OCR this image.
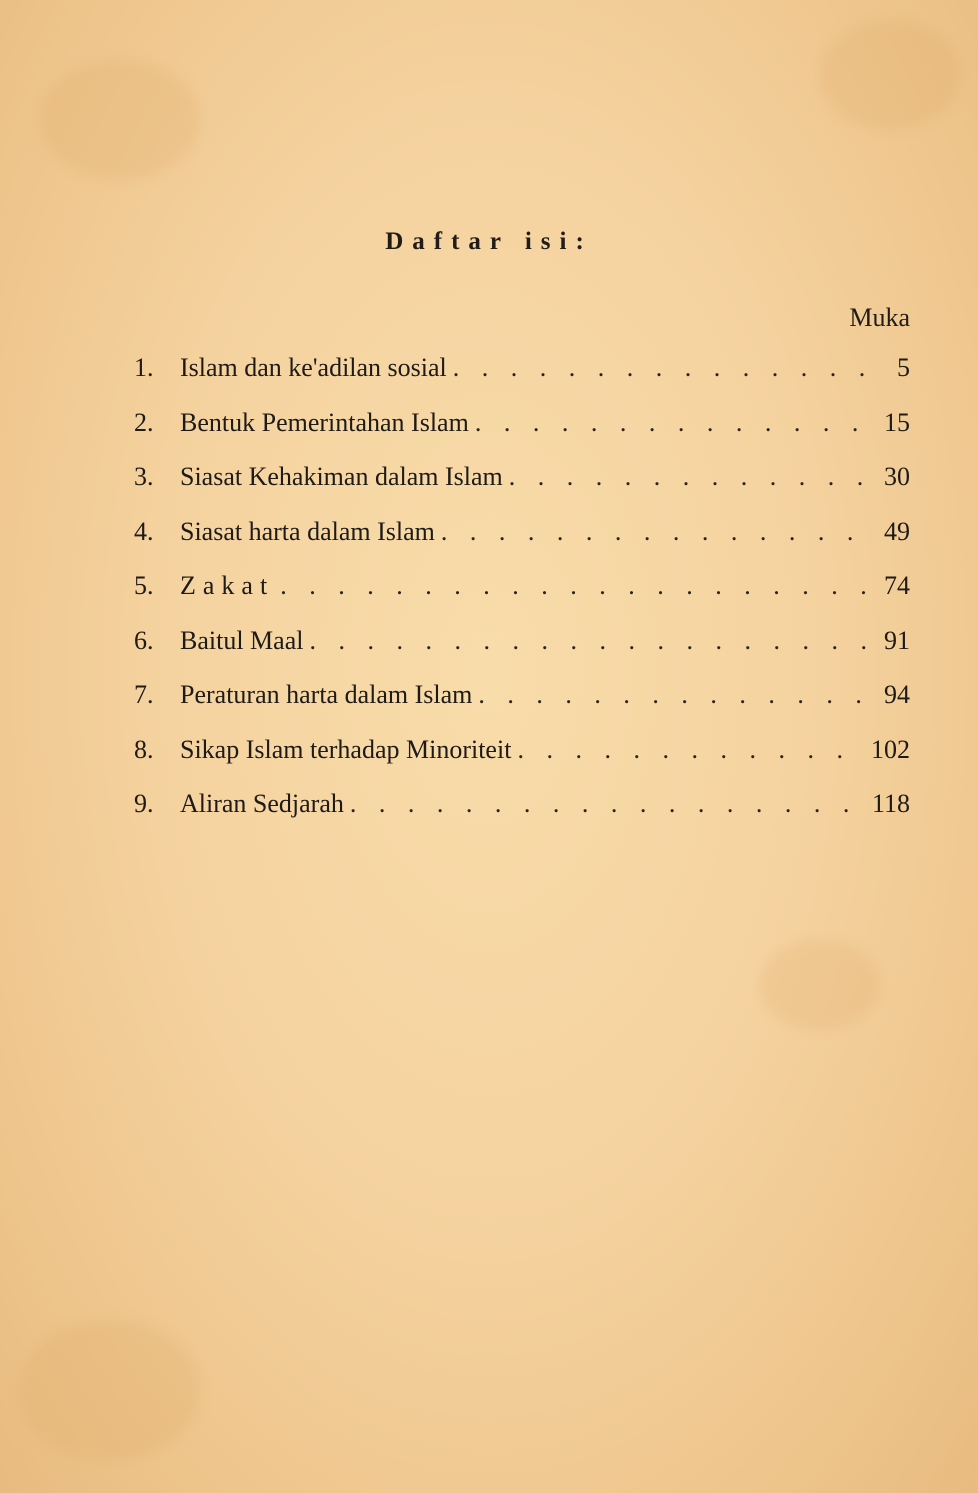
Daftar isi:
Muka
1.	Islam dan ke'adilan sosial . . .	5
2.	Bentuk Pemerintahan Islam . . .	15
3.	Siasat Kehakiman dalam Islam . . .	30
4.	Siasat harta dalam Islam . . .	49
5.	Zakat . . .	74
6.	Baitul Maal . . .	91
7.	Peraturan harta dalam Islam . . .	94
8.	Sikap Islam terhadap Minoriteit . . .	102
9.	Aliran Sedjarah . . .	118
